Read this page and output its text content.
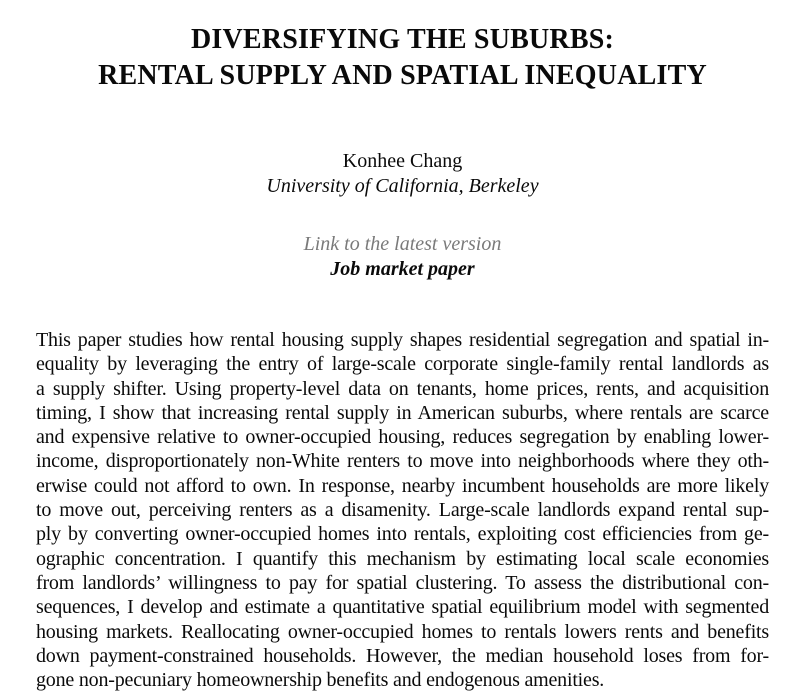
DIVERSIFYING THE SUBURBS:
RENTAL SUPPLY AND SPATIAL INEQUALITY
Konhee Chang
University of California, Berkeley
Link to the latest version
Job market paper
This paper studies how rental housing supply shapes residential segregation and spatial in-
equality by leveraging the entry of large-scale corporate single-family rental landlords as
a supply shifter. Using property-level data on tenants, home prices, rents, and acquisition
timing, I show that increasing rental supply in American suburbs, where rentals are scarce
and expensive relative to owner-occupied housing, reduces segregation by enabling lower-
income, disproportionately non-White renters to move into neighborhoods where they oth-
erwise could not afford to own. In response, nearby incumbent households are more likely
to move out, perceiving renters as a disamenity. Large-scale landlords expand rental sup-
ply by converting owner-occupied homes into rentals, exploiting cost efficiencies from ge-
ographic concentration. I quantify this mechanism by estimating local scale economies
from landlords’ willingness to pay for spatial clustering. To assess the distributional con-
sequences, I develop and estimate a quantitative spatial equilibrium model with segmented
housing markets. Reallocating owner-occupied homes to rentals lowers rents and benefits
down payment-constrained households. However, the median household loses from for-
gone non-pecuniary homeownership benefits and endogenous amenities.
